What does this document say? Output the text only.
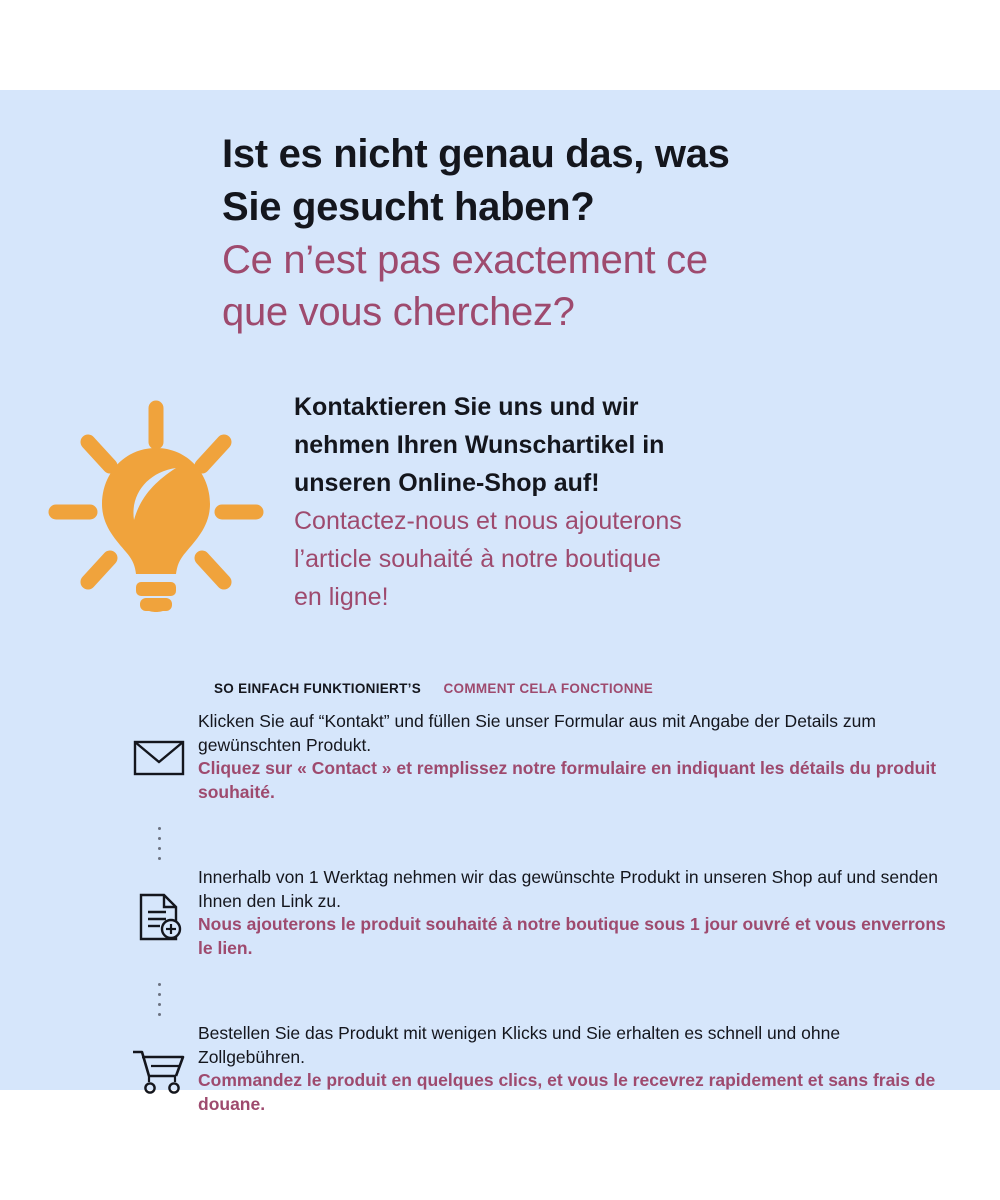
Ist es nicht genau das, was

Sie gesucht haben?

Ce n’est pas exactement ce

que vous cherchez?

Kontaktieren Sie uns und wir

nehmen Ihren Wunschartikel in

unseren Online-Shop auf!

Contactez-nous et nous ajouterons

l’article souhaité à notre boutique

en ligne!

SO EINFACH FUNKTIONIERT’S COMMENT CELA FONCTIONNE

Klicken Sie auf “Kontakt” und füllen Sie unser Formular aus mit Angabe der Details zum gewünschten Produkt.

Cliquez sur « Contact » et remplissez notre formulaire en indiquant les détails du produit souhaité.

Innerhalb von 1 Werktag nehmen wir das gewünschte Produkt in unseren Shop auf und senden Ihnen den Link zu.

Nous ajouterons le produit souhaité à notre boutique sous 1 jour ouvré et vous enverrons le lien.

Bestellen Sie das Produkt mit wenigen Klicks und Sie erhalten es schnell und ohne Zollgebühren.

Commandez le produit en quelques clics, et vous le recevrez rapidement et sans frais de douane.
